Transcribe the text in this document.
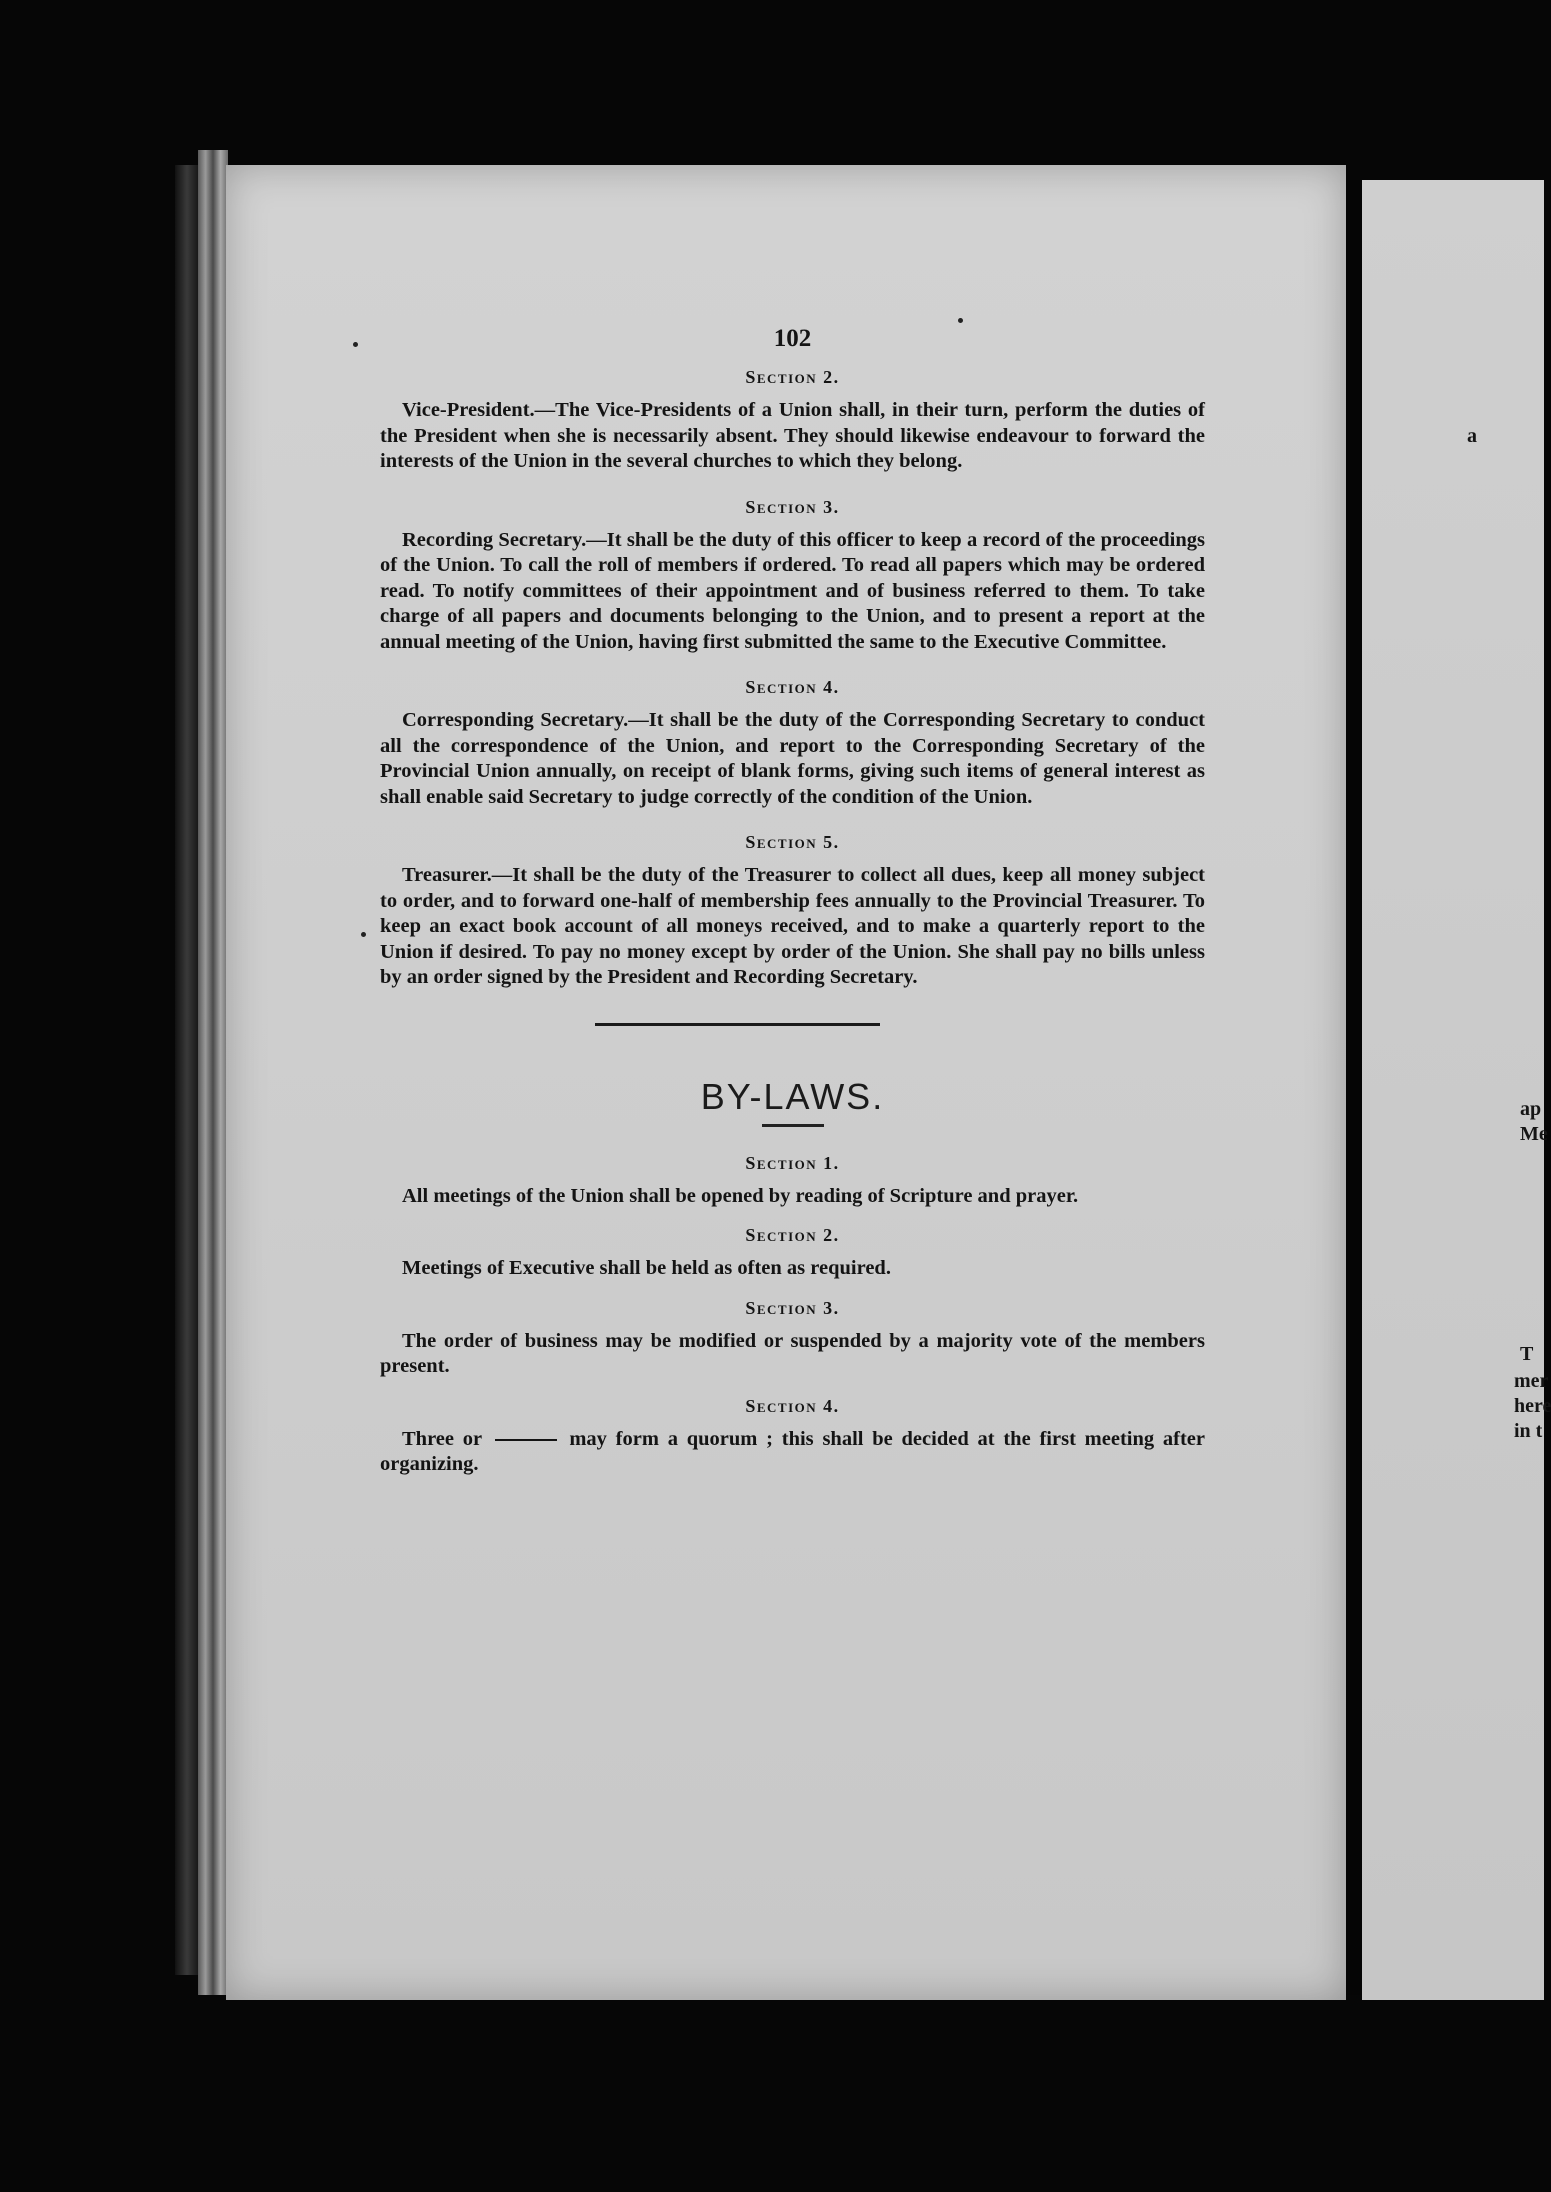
a
ap
Me
T
mer
here
in t
102
Section 2.

Vice-President.—The Vice-Presidents of a Union shall, in their turn, perform the duties of the President when she is necessarily absent. They should likewise endeavour to forward the interests of the Union in the several churches to which they belong.

Section 3.

Recording Secretary.—It shall be the duty of this officer to keep a record of the proceedings of the Union. To call the roll of members if ordered. To read all papers which may be ordered read. To notify committees of their appointment and of business referred to them. To take charge of all papers and documents belonging to the Union, and to present a report at the annual meeting of the Union, having first submitted the same to the Executive Committee.

Section 4.

Corresponding Secretary.—It shall be the duty of the Corresponding Secretary to conduct all the correspondence of the Union, and report to the Corresponding Secretary of the Provincial Union annually, on receipt of blank forms, giving such items of general interest as shall enable said Secretary to judge correctly of the condition of the Union.

Section 5.

Treasurer.—It shall be the duty of the Treasurer to collect all dues, keep all money subject to order, and to forward one-half of membership fees annually to the Provincial Treasurer. To keep an exact book account of all moneys received, and to make a quarterly report to the Union if desired. To pay no money except by order of the Union. She shall pay no bills unless by an order signed by the President and Recording Secretary.

BY-LAWS.
Section 1.

All meetings of the Union shall be opened by reading of Scripture and prayer.

Section 2.

Meetings of Executive shall be held as often as required.

Section 3.

The order of business may be modified or suspended by a majority vote of the members present.

Section 4.

Three or	may form a quorum ; this shall be decided at the first meeting after organizing.
